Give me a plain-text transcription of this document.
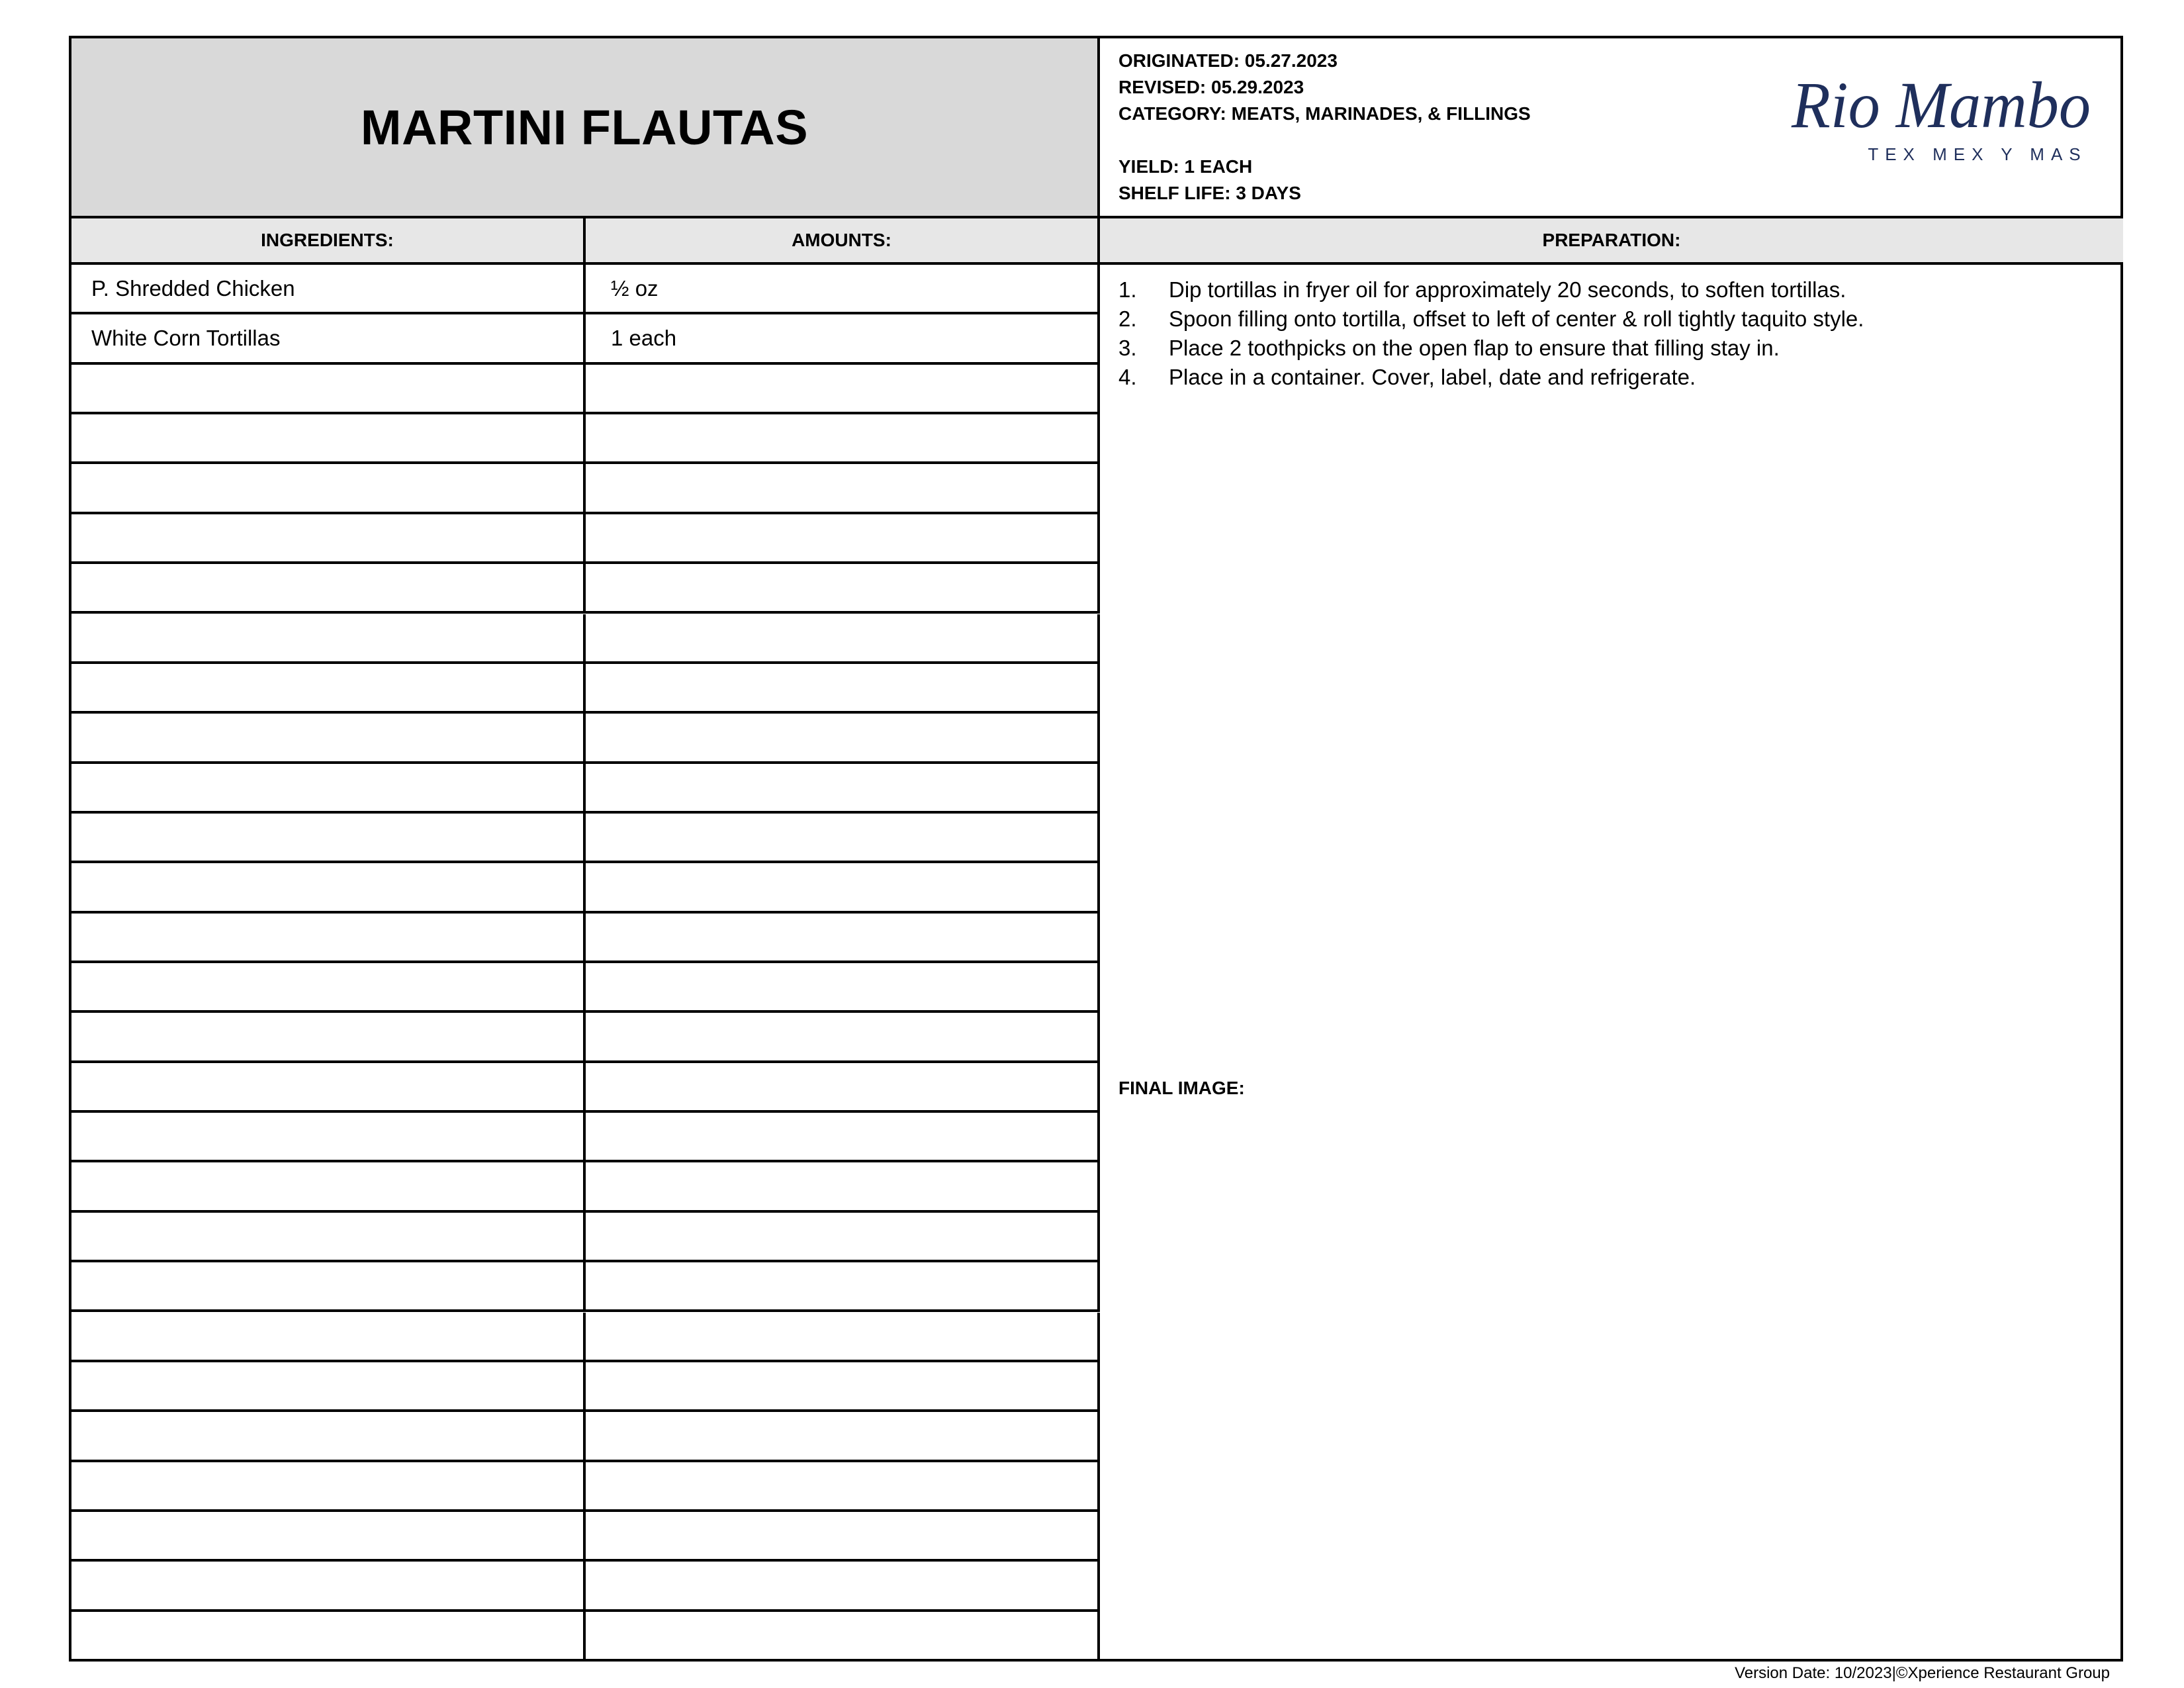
MARTINI FLAUTAS
ORIGINATED: 05.27.2023
REVISED: 05.29.2023
CATEGORY: MEATS, MARINADES, & FILLINGS
YIELD: 1 EACH
SHELF LIFE: 3 DAYS
Rio Mambo
TEX MEX Y MAS
INGREDIENTS:	AMOUNTS:	PREPARATION:
P. Shredded Chicken	½ oz
White Corn Tortillas	1 each
1. Dip tortillas in fryer oil for approximately 20 seconds, to soften tortillas.
2. Spoon filling onto tortilla, offset to left of center & roll tightly taquito style.
3. Place 2 toothpicks on the open flap to ensure that filling stay in.
4. Place in a container. Cover, label, date and refrigerate.
FINAL IMAGE:
Version Date: 10/2023|©Xperience Restaurant Group
